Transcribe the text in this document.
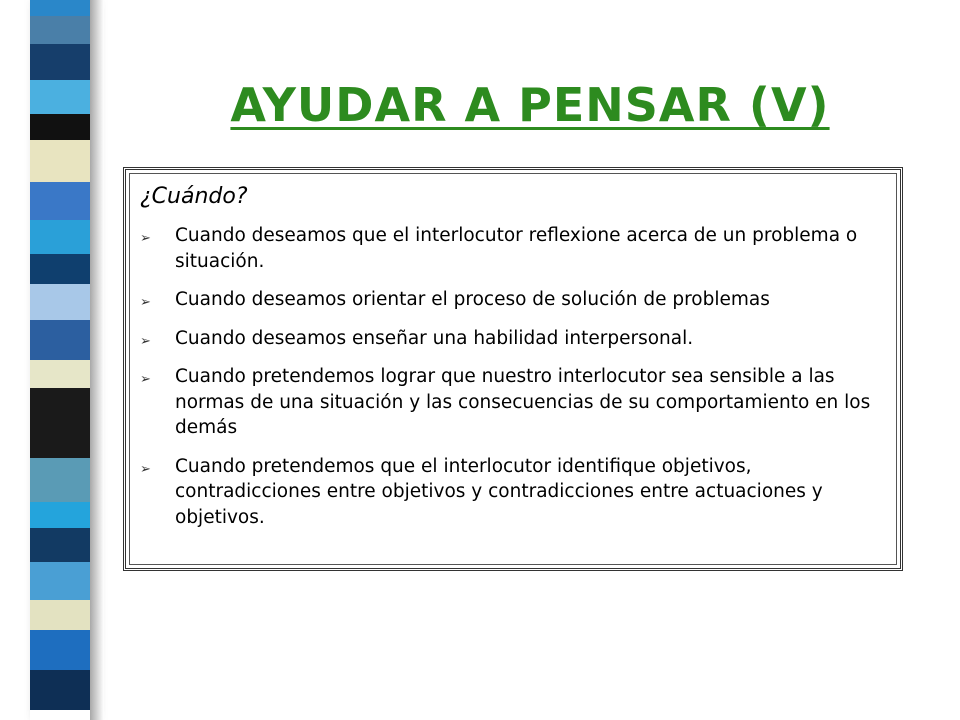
AYUDAR A PENSAR (V)
¿Cuándo?
➢ Cuando deseamos que el interlocutor reflexione acerca de un problema o situación.
➢ Cuando deseamos orientar el proceso de solución de problemas
➢ Cuando deseamos enseñar una habilidad interpersonal.
➢ Cuando pretendemos lograr que nuestro interlocutor sea sensible a las normas de una situación y las consecuencias de su comportamiento en los demás
➢ Cuando pretendemos que el interlocutor identifique objetivos, contradicciones entre objetivos y contradicciones entre actuaciones y objetivos.
